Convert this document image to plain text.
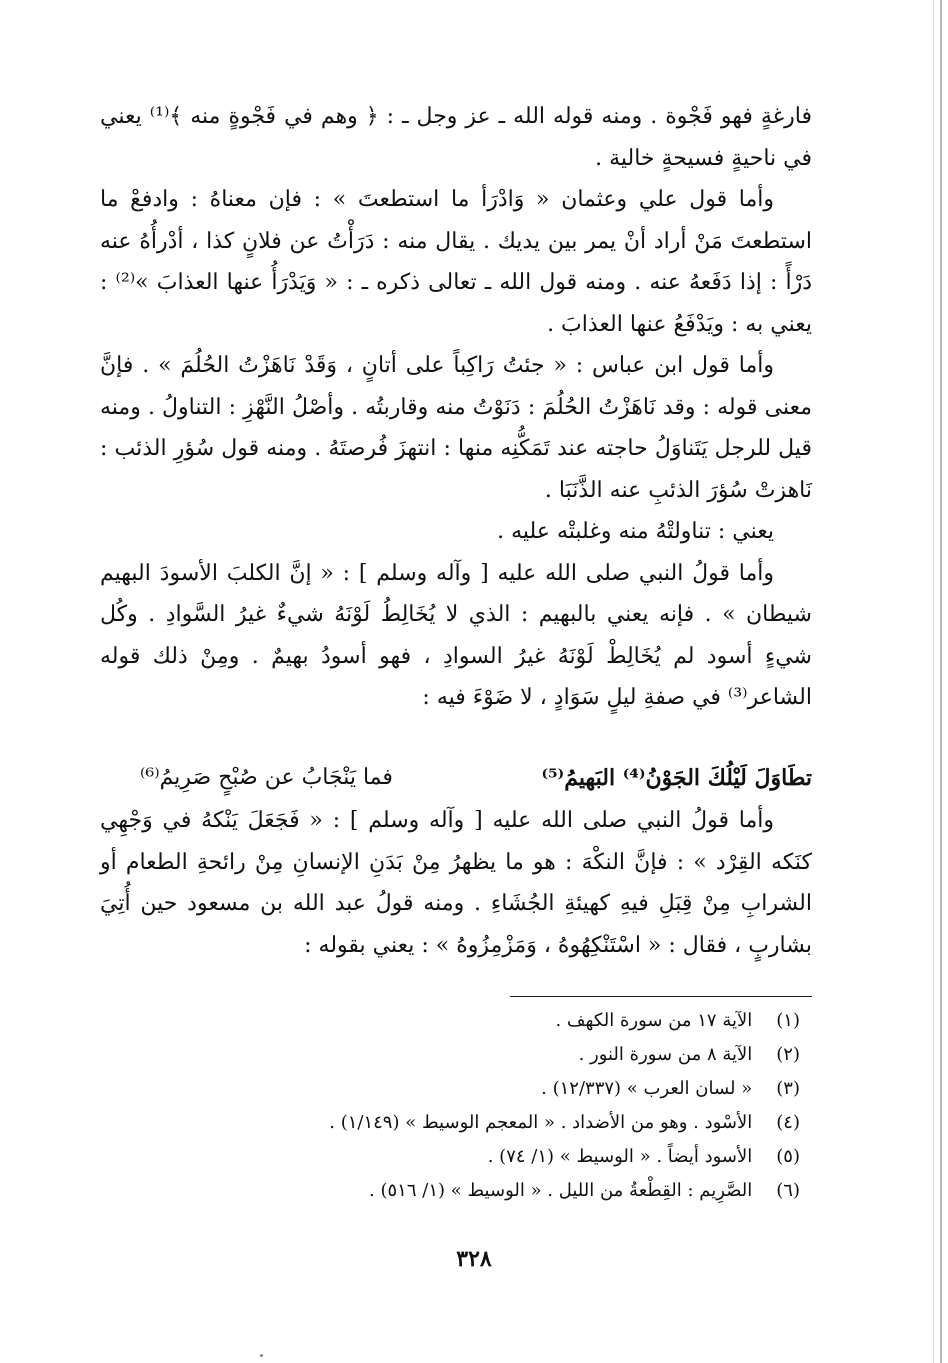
فارغةٍ فهو فَجْوة . ومنه قوله الله ـ عز وجل ـ : ﴿ وهم في فَجْوةٍ منه ﴾⁽¹⁾ يعني في ناحيةٍ فسيحةٍ خالية .

وأما قول علي وعثمان « وَادْرَأ ما استطعتَ » : فإن معناهُ : وادفعْ ما استطعتَ مَنْ أراد أنْ يمر بين يديك . يقال منه : دَرَأْتُ عن فلانٍ كذا ، أدْرأُهُ عنه دَرْأً : إذا دَفَعهُ عنه . ومنه قول الله ـ تعالى ذكره ـ : « وَيَدْرَأُ عنها العذابَ »⁽²⁾ : يعني به : ويَدْفَعُ عنها العذابَ .

وأما قول ابن عباس : « جئتُ رَاكِباً على أتانٍ ، وَقَدْ نَاهَزْتُ الحُلُمَ » . فإنَّ معنى قوله : وقد نَاهَزْتُ الحُلُمَ : دَنَوْتُ منه وقاربتُه . وأصْلُ النَّهْزِ : التناولُ . ومنه قيل للرجل يَتَناوَلُ حاجته عند تَمَكُّنِه منها : انتهزَ فُرصتَهُ . ومنه قول سُؤرِ الذئب : نَاهزتْ سُؤرَ الذئبِ عنه الذَّنَبَا .

يعني : تناولتْهُ منه وغلبتْه عليه .

وأما قولُ النبي صلى الله عليه [ وآله وسلم ] : « إنَّ الكلبَ الأسودَ البهيم شيطان » . فإنه يعني بالبهيم : الذي لا يُخَالِطُ لَوْنَهُ شيءٌ غيرُ السَّوادِ . وكُل شيءٍ أسود لم يُخَالِطْ لَوْنَهُ غيرُ السوادِ ، فهو أسودُ بهيمٌ . ومِنْ ذلك قوله الشاعر⁽³⁾ في صفةِ ليلٍ سَوَادٍ ، لا ضَوْءَ فيه :

تطَاوَلَ لَيْلُكَ الجَوْنُ⁽⁴⁾ البَهيمُ⁽⁵⁾
فما يَنْجَابُ عن صُبْحٍ صَرِيمُ⁽⁶⁾

وأما قولُ النبي صلى الله عليه [ وآله وسلم ] : « فَجَعَلَ يَنْكهُ في وَجْهِي كنَكه القِرْد » : فإنَّ النكْهَ : هو ما يظهرُ مِنْ بَدَنِ الإنسانِ مِنْ رائحةِ الطعام أو الشرابِ مِنْ قِبَلِ فيهِ كهيئةِ الجُشَاءِ . ومنه قولُ عبد الله بن مسعود حين أُتِيَ بشاربٍ ، فقال : « اسْتَنْكِهُوهُ ، وَمَزْمِزُوهُ » : يعني بقوله :

(١) الآية ١٧ من سورة الكهف .
(٢) الآية ٨ من سورة النور .
(٣) « لسان العرب » (١٢/٣٣٧) .
(٤) الأسْود . وهو من الأضداد . « المعجم الوسيط » (١/١٤٩) .
(٥) الأسود أيضاً . « الوسيط » (١/ ٧٤) .
(٦) الصَّرِيم : القِطْعةُ من الليل . « الوسيط » (١/ ٥١٦) .
٣٢٨
